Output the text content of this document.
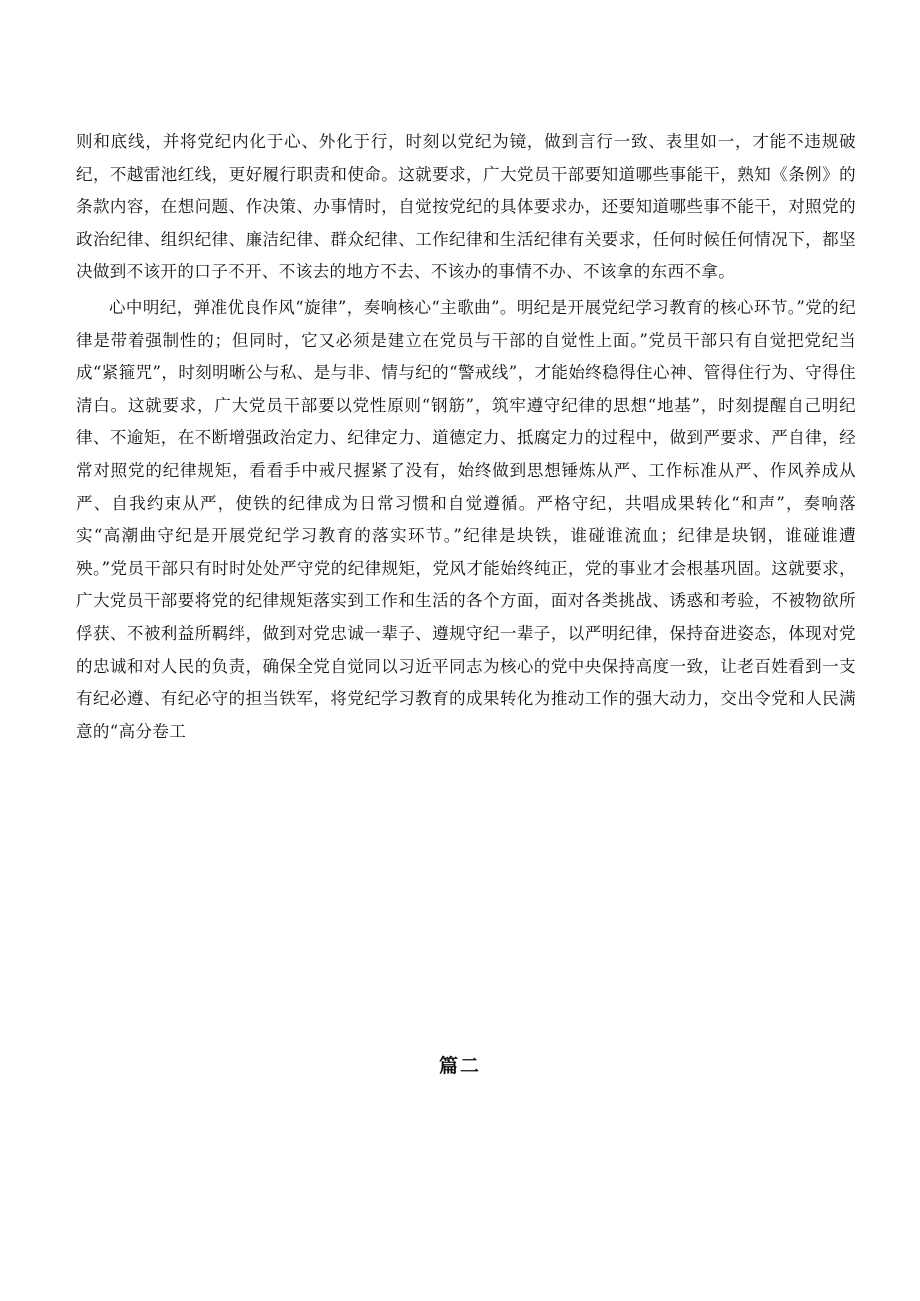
则和底线，并将党纪内化于心、外化于行，时刻以党纪为镜，做到言行一致、表里如一，才能不违规破纪，不越雷池红线，更好履行职责和使命。这就要求，广大党员干部要知道哪些事能干，熟知《条例》的条款内容，在想问题、作决策、办事情时，自觉按党纪的具体要求办，还要知道哪些事不能干，对照党的政治纪律、组织纪律、廉洁纪律、群众纪律、工作纪律和生活纪律有关要求，任何时候任何情况下，都坚决做到不该开的口子不开、不该去的地方不去、不该办的事情不办、不该拿的东西不拿。

心中明纪，弹准优良作风“旋律”，奏响核心“主歌曲”。明纪是开展党纪学习教育的核心环节。”党的纪律是带着强制性的；但同时，它又必须是建立在党员与干部的自觉性上面。”党员干部只有自觉把党纪当成“紧箍咒”，时刻明晰公与私、是与非、情与纪的“警戒线”，才能始终稳得住心神、管得住行为、守得住清白。这就要求，广大党员干部要以党性原则“钢筋”，筑牢遵守纪律的思想“地基”，时刻提醒自己明纪律、不逾矩，在不断增强政治定力、纪律定力、道德定力、抵腐定力的过程中，做到严要求、严自律，经常对照党的纪律规矩，看看手中戒尺握紧了没有，始终做到思想锤炼从严、工作标准从严、作风养成从严、自我约束从严，使铁的纪律成为日常习惯和自觉遵循。严格守纪，共唱成果转化“和声”，奏响落实“高潮曲守纪是开展党纪学习教育的落实环节。”纪律是块铁，谁碰谁流血；纪律是块钢，谁碰谁遭殃。”党员干部只有时时处处严守党的纪律规矩，党风才能始终纯正，党的事业才会根基巩固。这就要求，广大党员干部要将党的纪律规矩落实到工作和生活的各个方面，面对各类挑战、诱惑和考验，不被物欲所俘获、不被利益所羁绊，做到对党忠诚一辈子、遵规守纪一辈子，以严明纪律，保持奋进姿态，体现对党的忠诚和对人民的负责，确保全党自觉同以习近平同志为核心的党中央保持高度一致，让老百姓看到一支有纪必遵、有纪必守的担当铁军，将党纪学习教育的成果转化为推动工作的强大动力，交出令党和人民满意的“高分卷工

篇二
